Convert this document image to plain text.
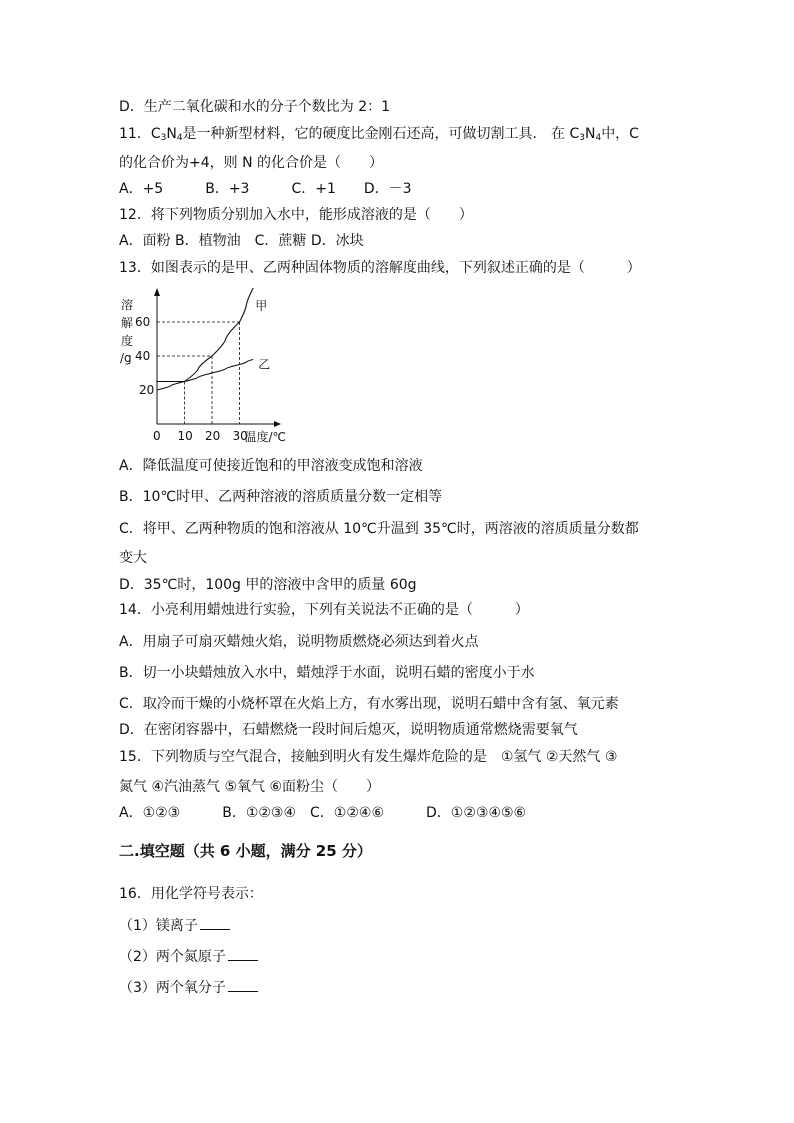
D．生产二氧化碳和水的分子个数比为 2：1
11．$C_3N_4$是一种新型材料，它的硬度比金刚石还高，可做切割工具． 在 $C_3N_4$中，C
的化合价为+4，则 N 的化合价是（　　）
A．+5　　　B．+3　　　C．+1　　D．－3
12．将下列物质分别加入水中，能形成溶液的是（　　）
A．面粉 B．植物油　C．蔗糖 D．冰块
13．如图表示的是甲、乙两种固体物质的溶解度曲线，下列叙述正确的是（　　　）
甲
乙
0 10 20 30
温度/℃
20
40
60
溶
解
度
/g
A．降低温度可使接近饱和的甲溶液变成饱和溶液
B．10℃时甲、乙两种溶液的溶质质量分数一定相等
C．将甲、乙两种物质的饱和溶液从 10℃升温到 35℃时，两溶液的溶质质量分数都
变大
D．35℃时，100g 甲的溶液中含甲的质量 60g
14．小亮利用蜡烛进行实验，下列有关说法不正确的是（　　　）
A．用扇子可扇灭蜡烛火焰，说明物质燃烧必须达到着火点
B．切一小块蜡烛放入水中，蜡烛浮于水面，说明石蜡的密度小于水
C．取冷而干燥的小烧杯罩在火焰上方，有水雾出现，说明石蜡中含有氢、氧元素
D．在密闭容器中，石蜡燃烧一段时间后熄灭，说明物质通常燃烧需要氧气
15．下列物质与空气混合，接触到明火有发生爆炸危险的是　①氢气 ②天然气 ③
氮气 ④汽油蒸气 ⑤氧气 ⑥面粉尘（　　）
A．①②③　　　B．①②③④　C．①②④⑥　　　D．①②③④⑤⑥
二.填空题（共 6 小题，满分 25 分）
16．用化学符号表示：
（1）镁离子
（2）两个氮原子
（3）两个氧分子
